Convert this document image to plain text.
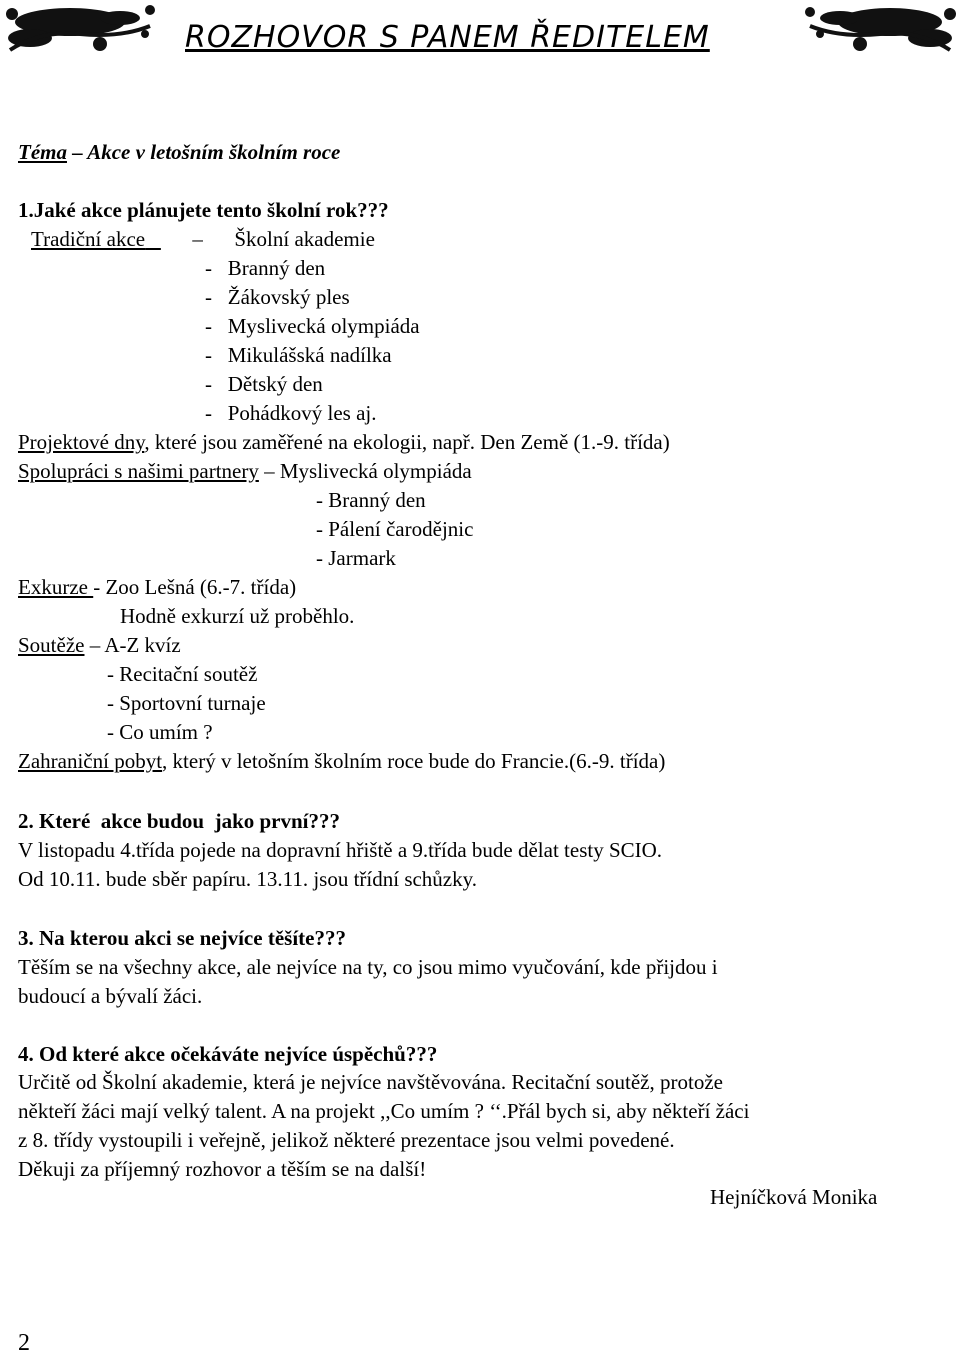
ROZHOVOR S PANEM ŘEDITELEM
Téma – Akce v letošním školním roce
1.Jaké akce plánujete tento školní rok???
Tradiční akce – Školní akademie
-   Branný den
-   Žákovský ples
-   Myslivecká olympiáda
-   Mikulášská nadílka
-   Dětský den
-   Pohádkový les aj.
Projektové dny, které jsou zaměřené na ekologii, např. Den Země (1.-9. třída)
Spolupráci s našimi partnery – Myslivecká olympiáda
- Branný den
- Pálení čarodějnic
- Jarmark
Exkurze - Zoo Lešná (6.-7. třída)
Hodně exkurzí už proběhlo.
Soutěže – A-Z kvíz
- Recitační soutěž
- Sportovní turnaje
- Co umím ?
Zahraniční pobyt, který v letošním školním roce bude do Francie.(6.-9. třída)
2. Které  akce budou  jako první???
V listopadu 4.třída pojede na dopravní hřiště a 9.třída bude dělat testy SCIO.
Od 10.11. bude sběr papíru. 13.11. jsou třídní schůzky.
3. Na kterou akci se nejvíce těšíte???
Těším se na všechny akce, ale nejvíce na ty, co jsou mimo vyučování, kde přijdou i
budoucí a bývalí žáci.
4. Od které akce očekáváte nejvíce úspěchů???
Určitě od Školní akademie, která je nejvíce navštěvována. Recitační soutěž, protože
někteří žáci mají velký talent. A na projekt ,,Co umím ? ‘‘.Přál bych si, aby někteří žáci
z 8. třídy vystoupili i veřejně, jelikož některé prezentace jsou velmi povedené.
Děkuji za příjemný rozhovor a těším se na další!
Hejníčková Monika
2
